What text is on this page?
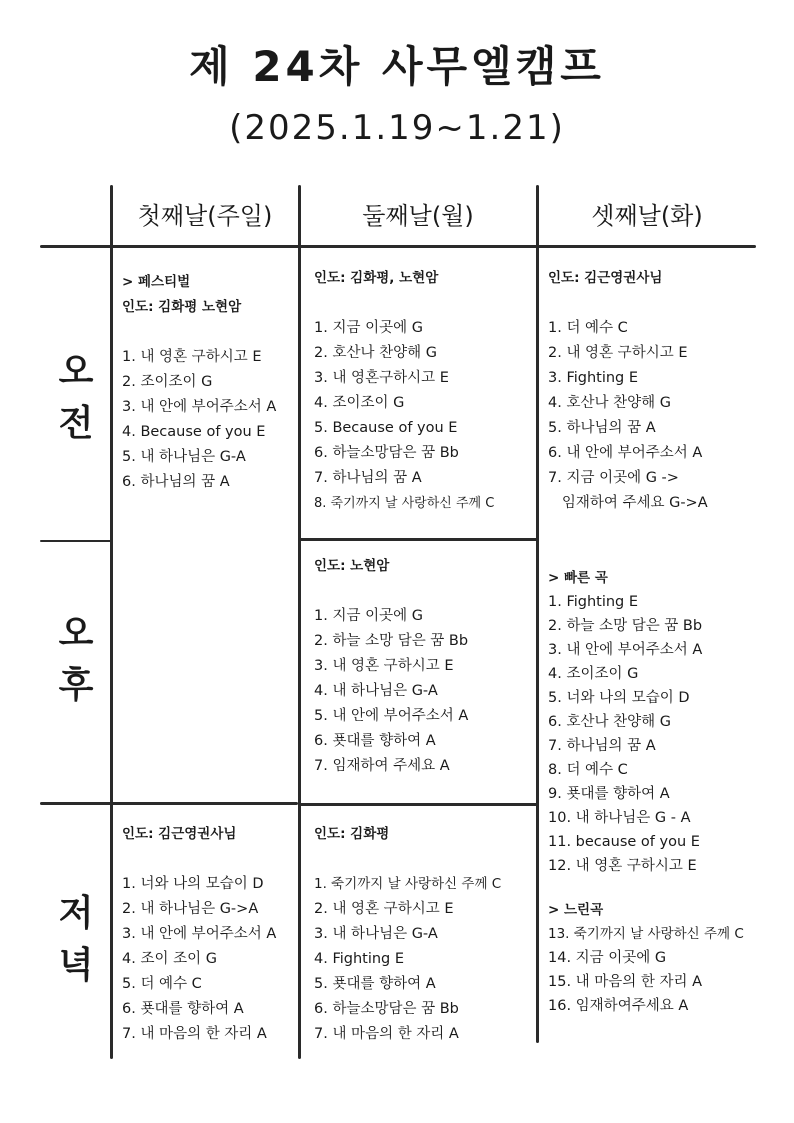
제 24차 사무엘캠프
(2025.1.19~1.21)
첫째날(주일)	둘째날(월)	셋째날(화)
오
전
오
후
저
녁
> 페스티벌
인도: 김화평 노현암
1. 내 영혼 구하시고 E
2. 조이조이 G
3. 내 안에 부어주소서 A
4. Because of you E
5. 내 하나님은 G-A
6. 하나님의 꿈 A
인도: 김근영권사님
1. 너와 나의 모습이 D
2. 내 하나님은 G->A
3. 내 안에 부어주소서 A
4. 조이 조이 G
5. 더 예수 C
6. 푯대를 향하여 A
7. 내 마음의 한 자리 A
인도: 김화평, 노현암
1. 지금 이곳에 G
2. 호산나 찬양해 G
3. 내 영혼구하시고 E
4. 조이조이 G
5. Because of you E
6. 하늘소망담은 꿈 Bb
7. 하나님의 꿈 A
8. 죽기까지 날 사랑하신 주께 C
인도: 노현암
1. 지금 이곳에 G
2. 하늘 소망 담은 꿈 Bb
3. 내 영혼 구하시고 E
4. 내 하나님은 G-A
5. 내 안에 부어주소서 A
6. 푯대를 향하여 A
7. 임재하여 주세요 A
인도: 김화평
1. 죽기까지 날 사랑하신 주께 C
2. 내 영혼 구하시고 E
3. 내 하나님은 G-A
4. Fighting E
5. 푯대를 향하여 A
6. 하늘소망담은 꿈 Bb
7. 내 마음의 한 자리 A
인도: 김근영권사님
1. 더 예수 C
2. 내 영혼 구하시고 E
3. Fighting E
4. 호산나 찬양해 G
5. 하나님의 꿈 A
6. 내 안에 부어주소서 A
7. 지금 이곳에 G ->
임재하여 주세요 G->A
> 빠른 곡
1. Fighting E
2. 하늘 소망 담은 꿈 Bb
3. 내 안에 부어주소서 A
4. 조이조이 G
5. 너와 나의 모습이 D
6. 호산나 찬양해 G
7. 하나님의 꿈 A
8. 더 예수 C
9. 푯대를 향하여 A
10. 내 하나님은 G - A
11. because of you E
12. 내 영혼 구하시고 E
> 느린곡
13. 죽기까지 날 사랑하신 주께 C
14. 지금 이곳에 G
15. 내 마음의 한 자리 A
16. 임재하여주세요 A
